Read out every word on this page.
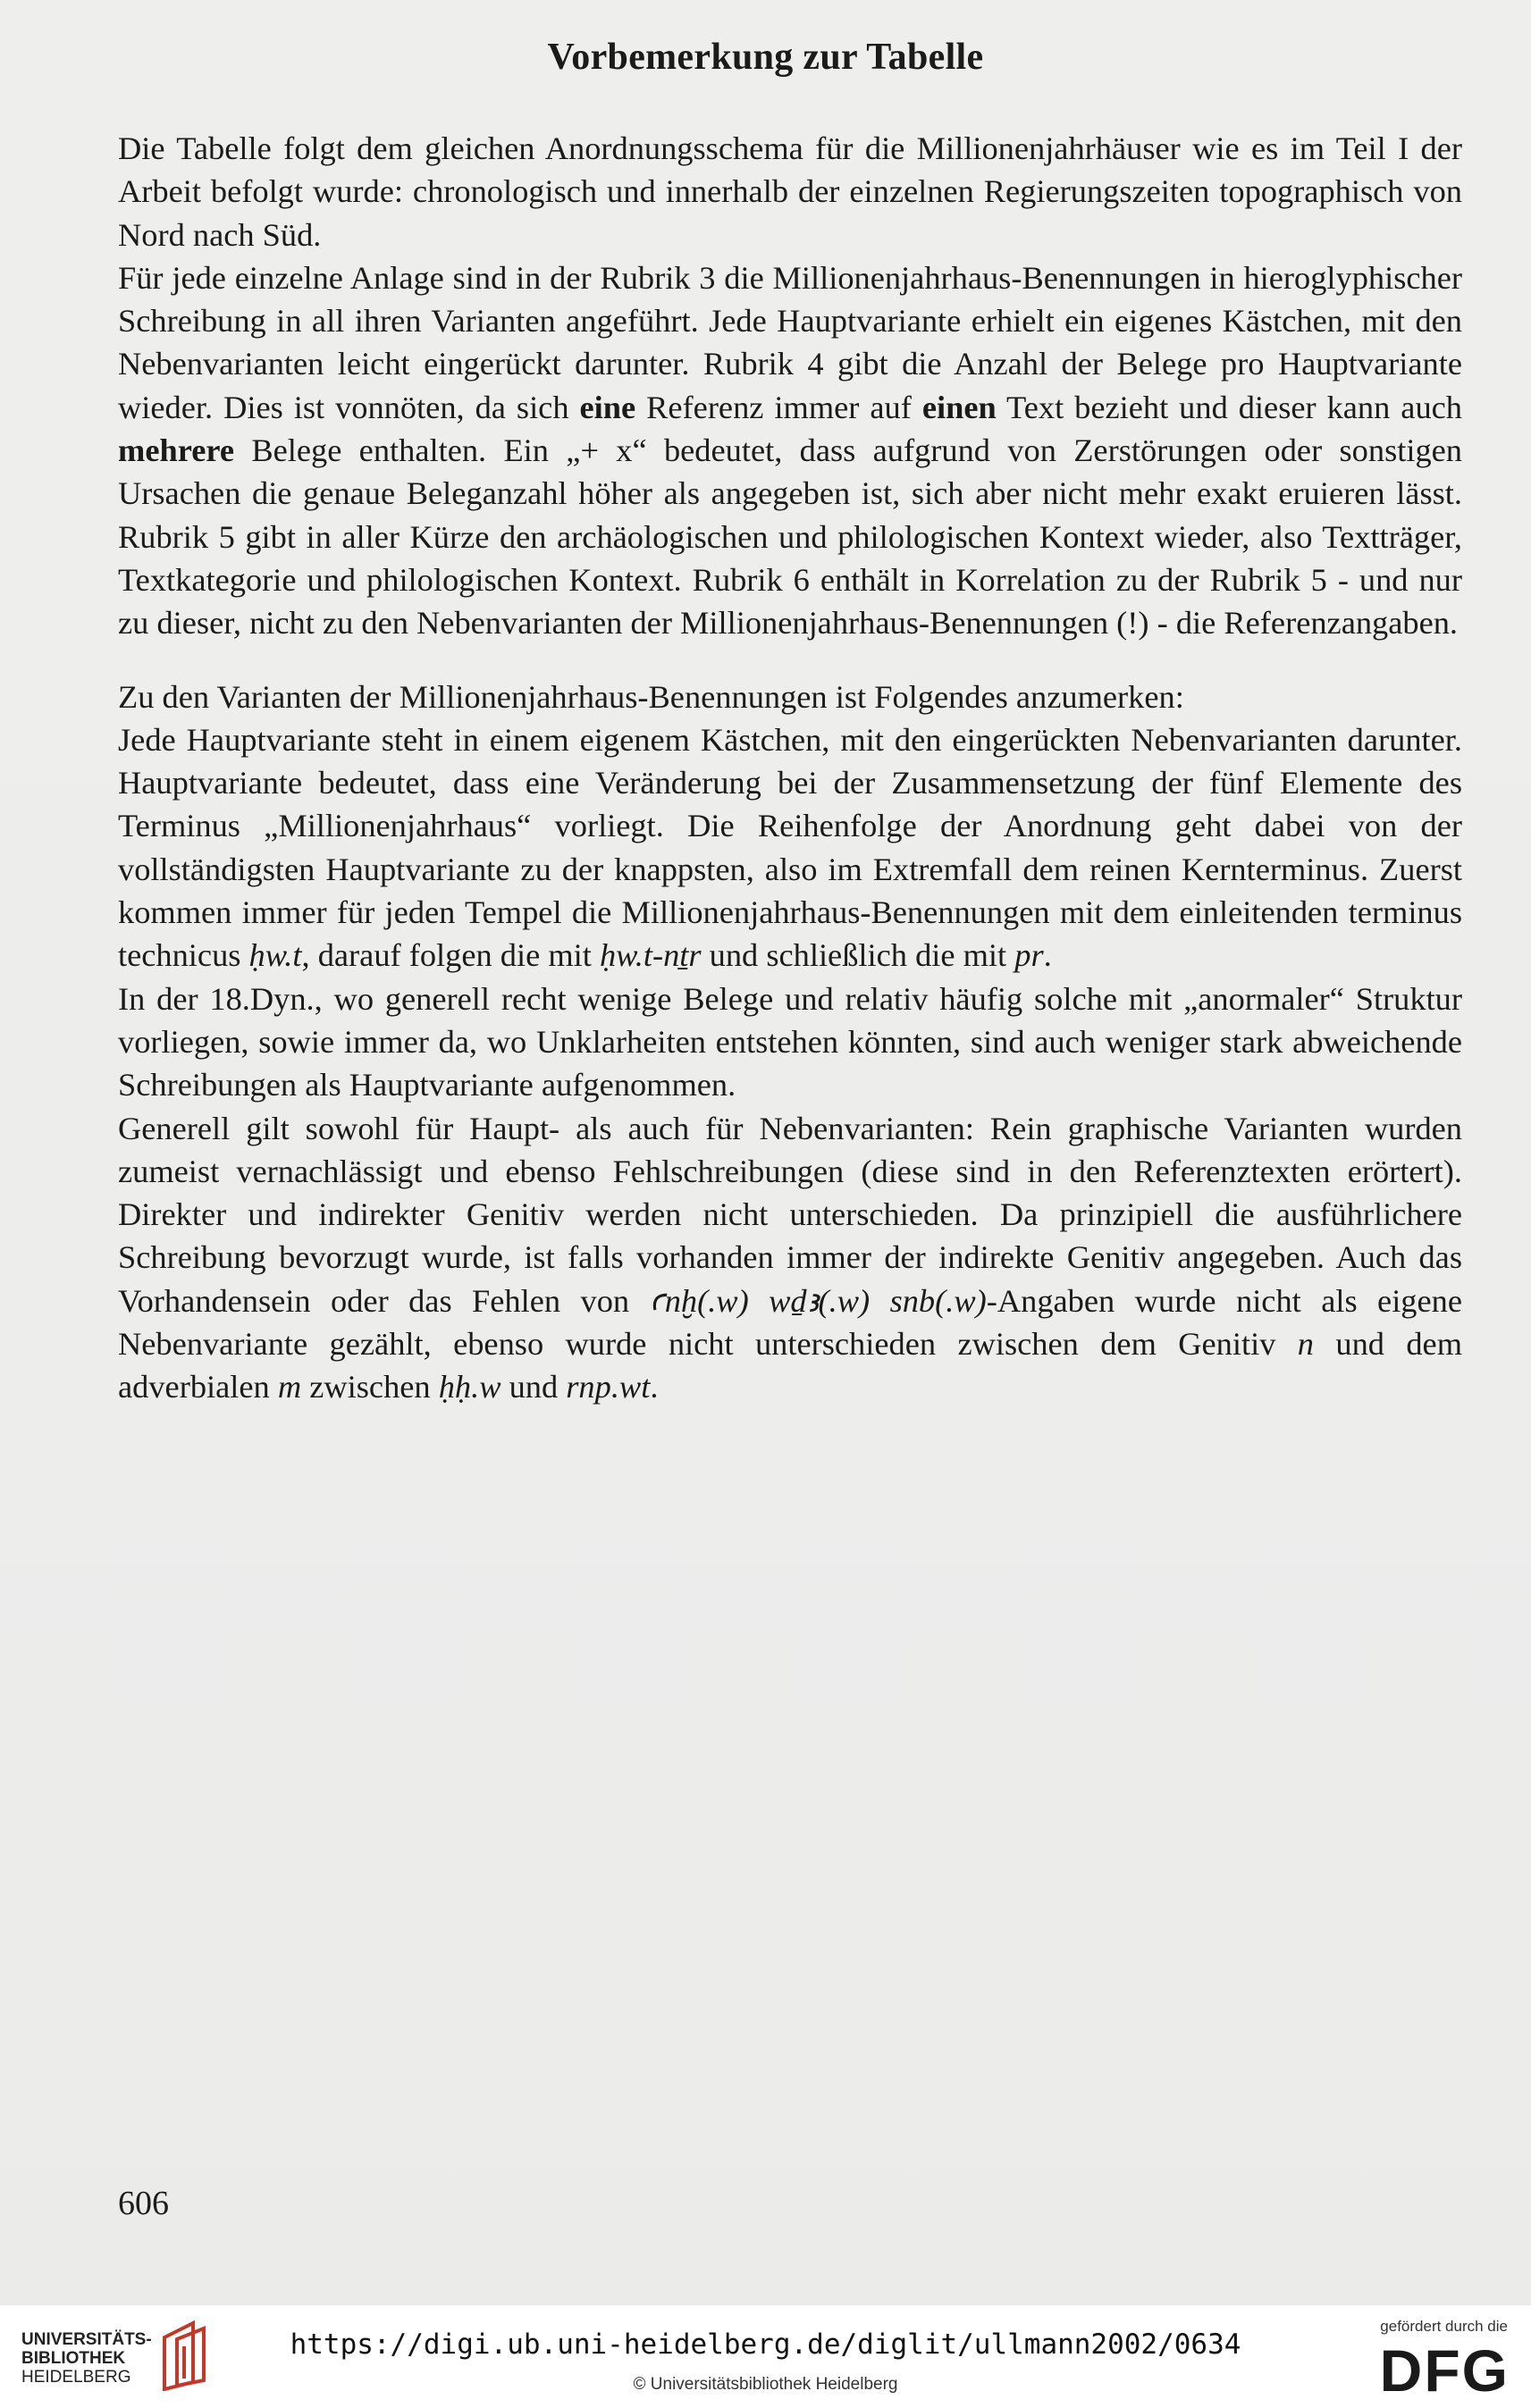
Vorbemerkung zur Tabelle

Die Tabelle folgt dem gleichen Anordnungsschema für die Millionenjahrhäuser wie es im Teil I der Arbeit befolgt wurde: chronologisch und innerhalb der einzelnen Regierungszeiten topographisch von Nord nach Süd.

Für jede einzelne Anlage sind in der Rubrik 3 die Millionenjahrhaus-Benennungen in hieroglyphischer Schreibung in all ihren Varianten angeführt. Jede Hauptvariante erhielt ein eigenes Kästchen, mit den Nebenvarianten leicht eingerückt darunter. Rubrik 4 gibt die Anzahl der Belege pro Hauptvariante wieder. Dies ist vonnöten, da sich eine Referenz immer auf einen Text bezieht und dieser kann auch mehrere Belege enthalten. Ein „+ x“ bedeutet, dass aufgrund von Zerstörungen oder sonstigen Ursachen die genaue Beleganzahl höher als angegeben ist, sich aber nicht mehr exakt eruieren lässt. Rubrik 5 gibt in aller Kürze den archäologischen und philologischen Kontext wieder, also Textträger, Textkategorie und philologischen Kontext. Rubrik 6 enthält in Korrelation zu der Rubrik 5 - und nur zu dieser, nicht zu den Nebenvarianten der Millionenjahrhaus-Benennungen (!) - die Referenzangaben.

Zu den Varianten der Millionenjahrhaus-Benennungen ist Folgendes anzumerken:

Jede Hauptvariante steht in einem eigenem Kästchen, mit den eingerückten Nebenvarianten darunter. Hauptvariante bedeutet, dass eine Veränderung bei der Zusammensetzung der fünf Elemente des Terminus „Millionenjahrhaus“ vorliegt. Die Reihenfolge der Anordnung geht dabei von der vollständigsten Hauptvariante zu der knappsten, also im Extremfall dem reinen Kernterminus. Zuerst kommen immer für jeden Tempel die Millionenjahrhaus-Benennungen mit dem einleitenden terminus technicus ḥw.t, darauf folgen die mit ḥw.t-nṯr und schließlich die mit pr.

In der 18.Dyn., wo generell recht wenige Belege und relativ häufig solche mit „anormaler“ Struktur vorliegen, sowie immer da, wo Unklarheiten entstehen könnten, sind auch weniger stark abweichende Schreibungen als Hauptvariante aufgenommen.

Generell gilt sowohl für Haupt- als auch für Nebenvarianten: Rein graphische Varianten wurden zumeist vernachlässigt und ebenso Fehlschreibungen (diese sind in den Referenztexten erörtert). Direkter und indirekter Genitiv werden nicht unterschieden. Da prinzipiell die ausführlichere Schreibung bevorzugt wurde, ist falls vorhanden immer der indirekte Genitiv angegeben. Auch das Vorhandensein oder das Fehlen von ꜥnḫ(.w) wḏꜣ(.w) snb(.w)-Angaben wurde nicht als eigene Nebenvariante gezählt, ebenso wurde nicht unterschieden zwischen dem Genitiv n und dem adverbialen m zwischen ḥḥ.w und rnp.wt.

606
UNIVERSITÄTS-
BIBLIOTHEK
HEIDELBERG
https://digi.ub.uni-heidelberg.de/diglit/ullmann2002/0634
© Universitätsbibliothek Heidelberg
gefördert durch die
DFG
